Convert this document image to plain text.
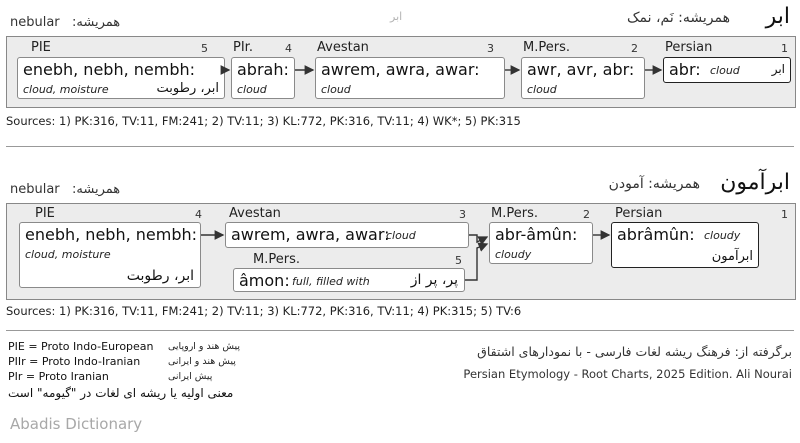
ابر
همریشه: نَم، نمک
ابر
nebular همریشه:
PIE	5 PIr.	4 Avestan	3 M.Pers.	2 Persian	1
enebh, nebh, nembh:
cloud, moisture	ابر، رطوبت
abrah:
cloud
awrem, awra, awar:
cloud
awr, avr, abr:
cloud
abr: cloud	ابر
Sources: 1) PK:316, TV:11, FM:241; 2) TV:11; 3) KL:772, PK:316, TV:11; 4) WK*; 5) PK:315
ابرآمون
همریشه: آمودن
nebular همریشه:
PIE	4 Avestan	3 M.Pers.	2 Persian	1
enebh, nebh, nembh:
cloud, moisture
ابر، رطوبت
awrem, awra, awar:
cloud	abr-âmûn:
cloudy
abrâmûn: cloudy
ابرآمون
M.Pers.	5
âmon: full, filled with	پر، پر از
Sources: 1) PK:316, TV:11, FM:241; 2) TV:11; 3) KL:772, PK:316, TV:11; 4) PK:315; 5) TV:6
PIE = Proto Indo-European
PIIr = Proto Indo-Iranian
PIr = Proto Iranian
پیش هند و اروپایی
پیش هند و ایرانی
پیش ایرانی
معنی اولیه یا ریشه ای لغات در "گیومه" است
برگرفته از: فرهنگ ریشه لغات فارسی - با نمودارهای اشتقاق
Persian Etymology - Root Charts, 2025 Edition. Ali Nourai
Abadis Dictionary
